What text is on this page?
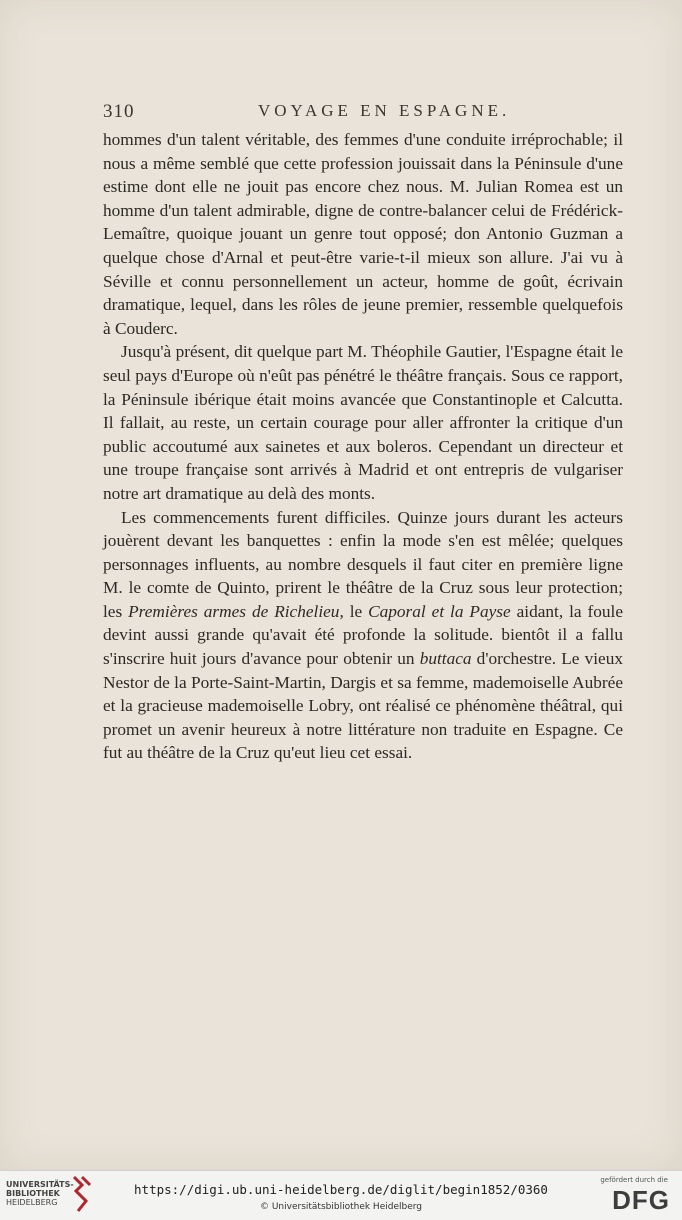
310	VOYAGE EN ESPAGNE.

hommes d'un talent véritable, des femmes d'une conduite irréprochable; il nous a même semblé que cette profession jouissait dans la Péninsule d'une estime dont elle ne jouit pas encore chez nous. M. Julian Romea est un homme d'un talent admirable, digne de contre-balancer celui de Frédérick-Lemaître, quoique jouant un genre tout opposé; don Antonio Guzman a quelque chose d'Arnal et peut-être varie-t-il mieux son allure. J'ai vu à Séville et connu personnellement un acteur, homme de goût, écrivain dramatique, lequel, dans les rôles de jeune premier, ressemble quelquefois à Couderc.

Jusqu'à présent, dit quelque part M. Théophile Gautier, l'Espagne était le seul pays d'Europe où n'eût pas pénétré le théâtre français. Sous ce rapport, la Péninsule ibérique était moins avancée que Constantinople et Calcutta. Il fallait, au reste, un certain courage pour aller affronter la critique d'un public accoutumé aux sainetes et aux boleros. Cependant un directeur et une troupe française sont arrivés à Madrid et ont entrepris de vulgariser notre art dramatique au delà des monts.

Les commencements furent difficiles. Quinze jours durant les acteurs jouèrent devant les banquettes : enfin la mode s'en est mêlée; quelques personnages influents, au nombre desquels il faut citer en première ligne M. le comte de Quinto, prirent le théâtre de la Cruz sous leur protection; les Premières armes de Richelieu, le Caporal et la Payse aidant, la foule devint aussi grande qu'avait été profonde la solitude. bientôt il a fallu s'inscrire huit jours d'avance pour obtenir un buttaca d'orchestre. Le vieux Nestor de la Porte-Saint-Martin, Dargis et sa femme, mademoiselle Aubrée et la gracieuse mademoiselle Lobry, ont réalisé ce phénomène théâtral, qui promet un avenir heureux à notre littérature non traduite en Espagne. Ce fut au théâtre de la Cruz qu'eut lieu cet essai.

UNIVERSITÄTS-
BIBLIOTHEK
HEIDELBERG
https://digi.ub.uni-heidelberg.de/diglit/begin1852/0360
© Universitätsbibliothek Heidelberg
gefördert durch die
DFG
